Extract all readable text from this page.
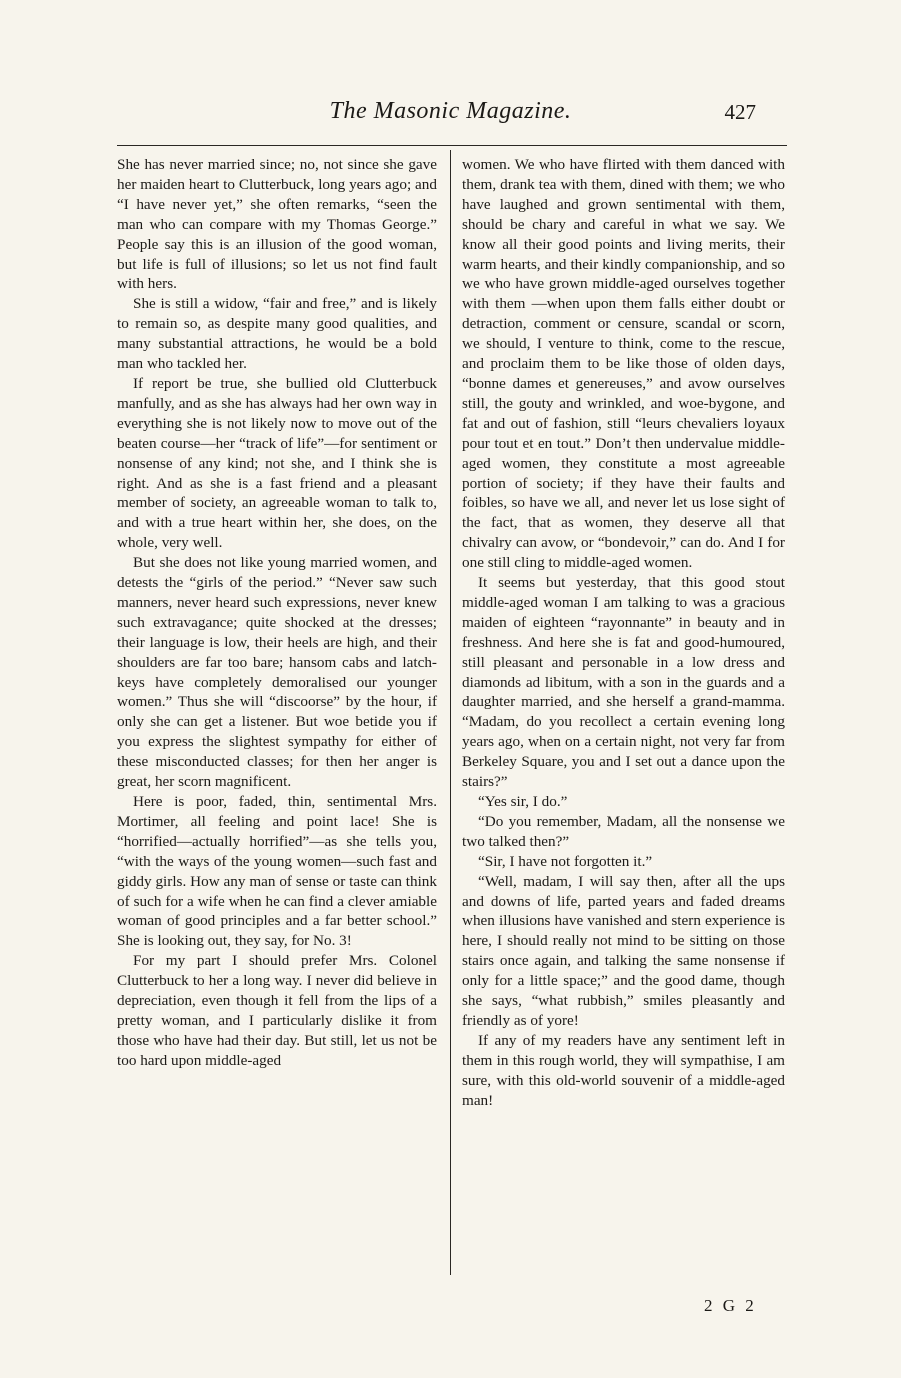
The Masonic Magazine.	427

She has never married since; no, not since she gave her maiden heart to Clutterbuck, long years ago; and “I have never yet,” she often remarks, “seen the man who can compare with my Thomas George.” People say this is an illusion of the good woman, but life is full of illusions; so let us not find fault with hers.

She is still a widow, “fair and free,” and is likely to remain so, as despite many good qualities, and many substantial attractions, he would be a bold man who tackled her.

If report be true, she bullied old Clutterbuck manfully, and as she has always had her own way in everything she is not likely now to move out of the beaten course—her “track of life”—for sentiment or nonsense of any kind; not she, and I think she is right. And as she is a fast friend and a pleasant member of society, an agreeable woman to talk to, and with a true heart within her, she does, on the whole, very well.

But she does not like young married women, and detests the “girls of the period.” “Never saw such manners, never heard such expressions, never knew such extravagance; quite shocked at the dresses; their language is low, their heels are high, and their shoulders are far too bare; hansom cabs and latch-keys have completely demoralised our younger women.” Thus she will “discoorse” by the hour, if only she can get a listener. But woe betide you if you express the slightest sympathy for either of these misconducted classes; for then her anger is great, her scorn magnificent.

Here is poor, faded, thin, sentimental Mrs. Mortimer, all feeling and point lace! She is “horrified—actually horrified”—as she tells you, “with the ways of the young women—such fast and giddy girls. How any man of sense or taste can think of such for a wife when he can find a clever amiable woman of good principles and a far better school.” She is looking out, they say, for No. 3!

For my part I should prefer Mrs. Colonel Clutterbuck to her a long way. I never did believe in depreciation, even though it fell from the lips of a pretty woman, and I particularly dislike it from those who have had their day. But still, let us not be too hard upon middle-aged

women. We who have flirted with them danced with them, drank tea with them, dined with them; we who have laughed and grown sentimental with them, should be chary and careful in what we say. We know all their good points and living merits, their warm hearts, and their kindly companionship, and so we who have grown middle-aged ourselves together with them —when upon them falls either doubt or detraction, comment or censure, scandal or scorn, we should, I venture to think, come to the rescue, and proclaim them to be like those of olden days, “bonne dames et genereuses,” and avow ourselves still, the gouty and wrinkled, and woe-bygone, and fat and out of fashion, still “leurs chevaliers loyaux pour tout et en tout.” Don’t then undervalue middle-aged women, they constitute a most agreeable portion of society; if they have their faults and foibles, so have we all, and never let us lose sight of the fact, that as women, they deserve all that chivalry can avow, or “bondevoir,” can do. And I for one still cling to middle-aged women.

It seems but yesterday, that this good stout middle-aged woman I am talking to was a gracious maiden of eighteen “rayonnante” in beauty and in freshness. And here she is fat and good-humoured, still pleasant and personable in a low dress and diamonds ad libitum, with a son in the guards and a daughter married, and she herself a grand-mamma. “Madam, do you recollect a certain evening long years ago, when on a certain night, not very far from Berkeley Square, you and I set out a dance upon the stairs?”

“Yes sir, I do.”

“Do you remember, Madam, all the nonsense we two talked then?”

“Sir, I have not forgotten it.”

“Well, madam, I will say then, after all the ups and downs of life, parted years and faded dreams when illusions have vanished and stern experience is here, I should really not mind to be sitting on those stairs once again, and talking the same nonsense if only for a little space;” and the good dame, though she says, “what rubbish,” smiles pleasantly and friendly as of yore!

If any of my readers have any sentiment left in them in this rough world, they will sympathise, I am sure, with this old-world souvenir of a middle-aged man!

2 G 2
